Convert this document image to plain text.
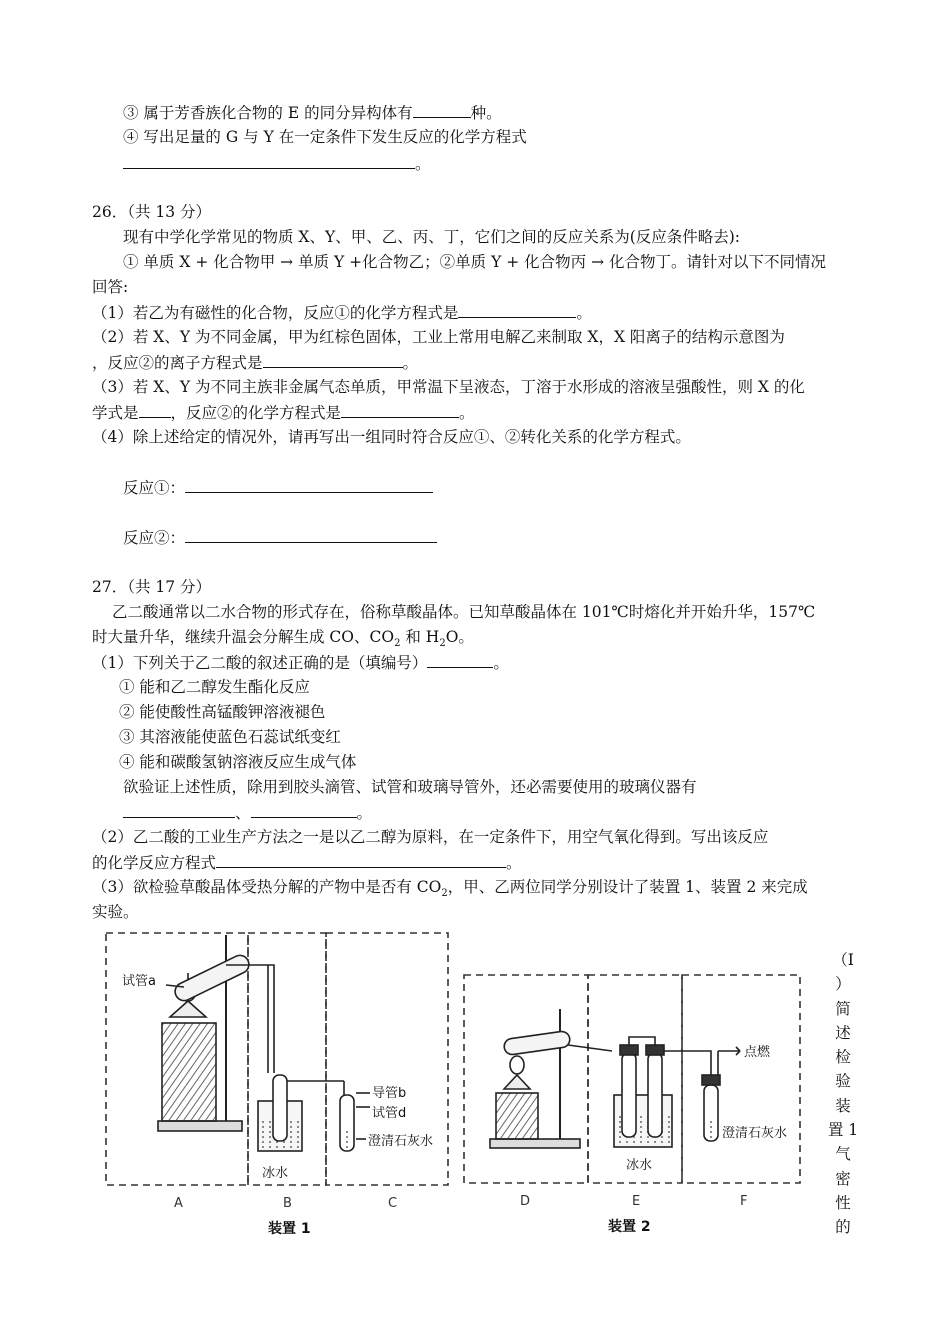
③ 属于芳香族化合物的 E 的同分异构体有	种。
④ 写出足量的 G 与 Y 在一定条件下发生反应的化学方程式
。
26．（共 13 分）
现有中学化学常见的物质 X、Y、甲、乙、丙、丁，它们之间的反应关系为(反应条件略去):
① 单质 X + 化合物甲 → 单质 Y +化合物乙；②单质 Y + 化合物丙 → 化合物丁。请针对以下不同情况
回答:
（1）若乙为有磁性的化合物，反应①的化学方程式是	。
（2）若 X、Y 为不同金属，甲为红棕色固体，工业上常用电解乙来制取 X，X 阳离子的结构示意图为
，反应②的离子方程式是	。
（3）若 X、Y 为不同主族非金属气态单质，甲常温下呈液态，丁溶于水形成的溶液呈强酸性，则 X 的化
学式是 ，反应②的化学方程式是	。
（4）除上述给定的情况外，请再写出一组同时符合反应①、②转化关系的化学方程式。
反应①：
反应②：
27．（共 17 分）
乙二酸通常以二水合物的形式存在，俗称草酸晶体。已知草酸晶体在 101℃时熔化并开始升华，157℃
时大量升华，继续升温会分解生成 CO、$CO_2$ 和 $H_2O$。
（1）下列关于乙二酸的叙述正确的是（填编号）	。
① 能和乙二醇发生酯化反应
② 能使酸性高锰酸钾溶液褪色
③ 其溶液能使蓝色石蕊试纸变红
④ 能和碳酸氢钠溶液反应生成气体
欲验证上述性质，除用到胶头滴管、试管和玻璃导管外，还必需要使用的玻璃仪器有
、	。
（2）乙二酸的工业生产方法之一是以乙二醇为原料，在一定条件下，用空气氧化得到。写出该反应
的化学反应方程式	。
（3）欲检验草酸晶体受热分解的产物中是否有 $CO_2$，甲、乙两位同学分别设计了装置 1、装置 2 来完成
实验。
（I
）
简
述
检
验
装
置 1
气
密
性
的
试管a
冰水
导管b
试管d
澄清石灰水
A	B	C
装置 1
冰水
点燃
澄清石灰水
D	E	F
装置 2
